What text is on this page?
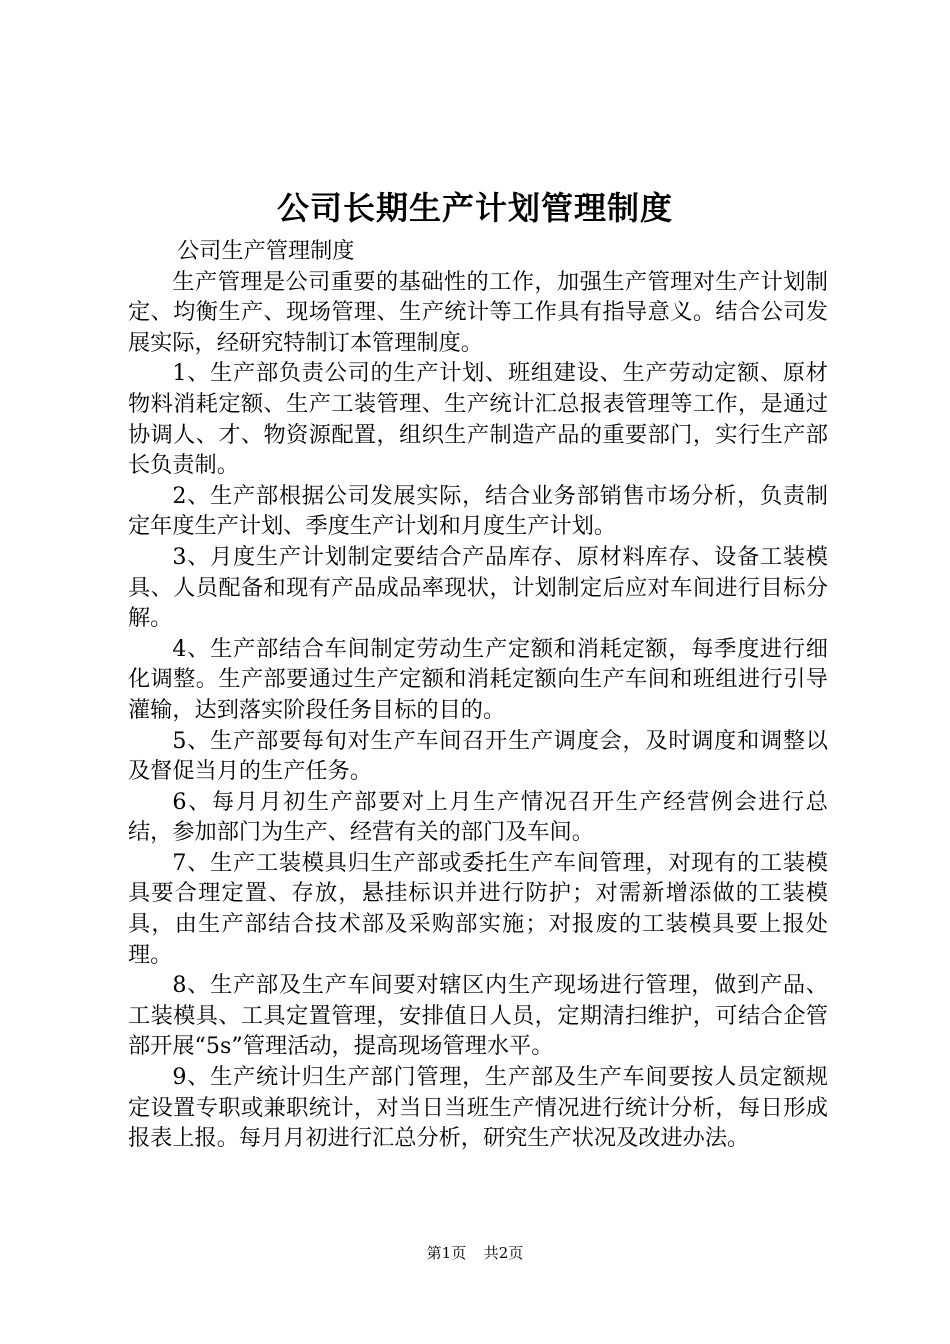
公司长期生产计划管理制度

公司生产管理制度

生产管理是公司重要的基础性的工作，加强生产管理对生产计划制定、均衡生产、现场管理、生产统计等工作具有指导意义。结合公司发展实际，经研究特制订本管理制度。

1、生产部负责公司的生产计划、班组建设、生产劳动定额、原材物料消耗定额、生产工装管理、生产统计汇总报表管理等工作，是通过协调人、才、物资源配置，组织生产制造产品的重要部门，实行生产部长负责制。

2、生产部根据公司发展实际，结合业务部销售市场分析，负责制定年度生产计划、季度生产计划和月度生产计划。

3、月度生产计划制定要结合产品库存、原材料库存、设备工装模具、人员配备和现有产品成品率现状，计划制定后应对车间进行目标分解。

4、生产部结合车间制定劳动生产定额和消耗定额，每季度进行细化调整。生产部要通过生产定额和消耗定额向生产车间和班组进行引导灌输，达到落实阶段任务目标的目的。

5、生产部要每旬对生产车间召开生产调度会，及时调度和调整以及督促当月的生产任务。

6、每月月初生产部要对上月生产情况召开生产经营例会进行总结，参加部门为生产、经营有关的部门及车间。

7、生产工装模具归生产部或委托生产车间管理，对现有的工装模具要合理定置、存放，悬挂标识并进行防护；对需新增添做的工装模具，由生产部结合技术部及采购部实施；对报废的工装模具要上报处理。

8、生产部及生产车间要对辖区内生产现场进行管理，做到产品、工装模具、工具定置管理，安排值日人员，定期清扫维护，可结合企管部开展“5s”管理活动，提高现场管理水平。

9、生产统计归生产部门管理，生产部及生产车间要按人员定额规定设置专职或兼职统计，对当日当班生产情况进行统计分析，每日形成报表上报。每月月初进行汇总分析，研究生产状况及改进办法。

第1页 共2页
